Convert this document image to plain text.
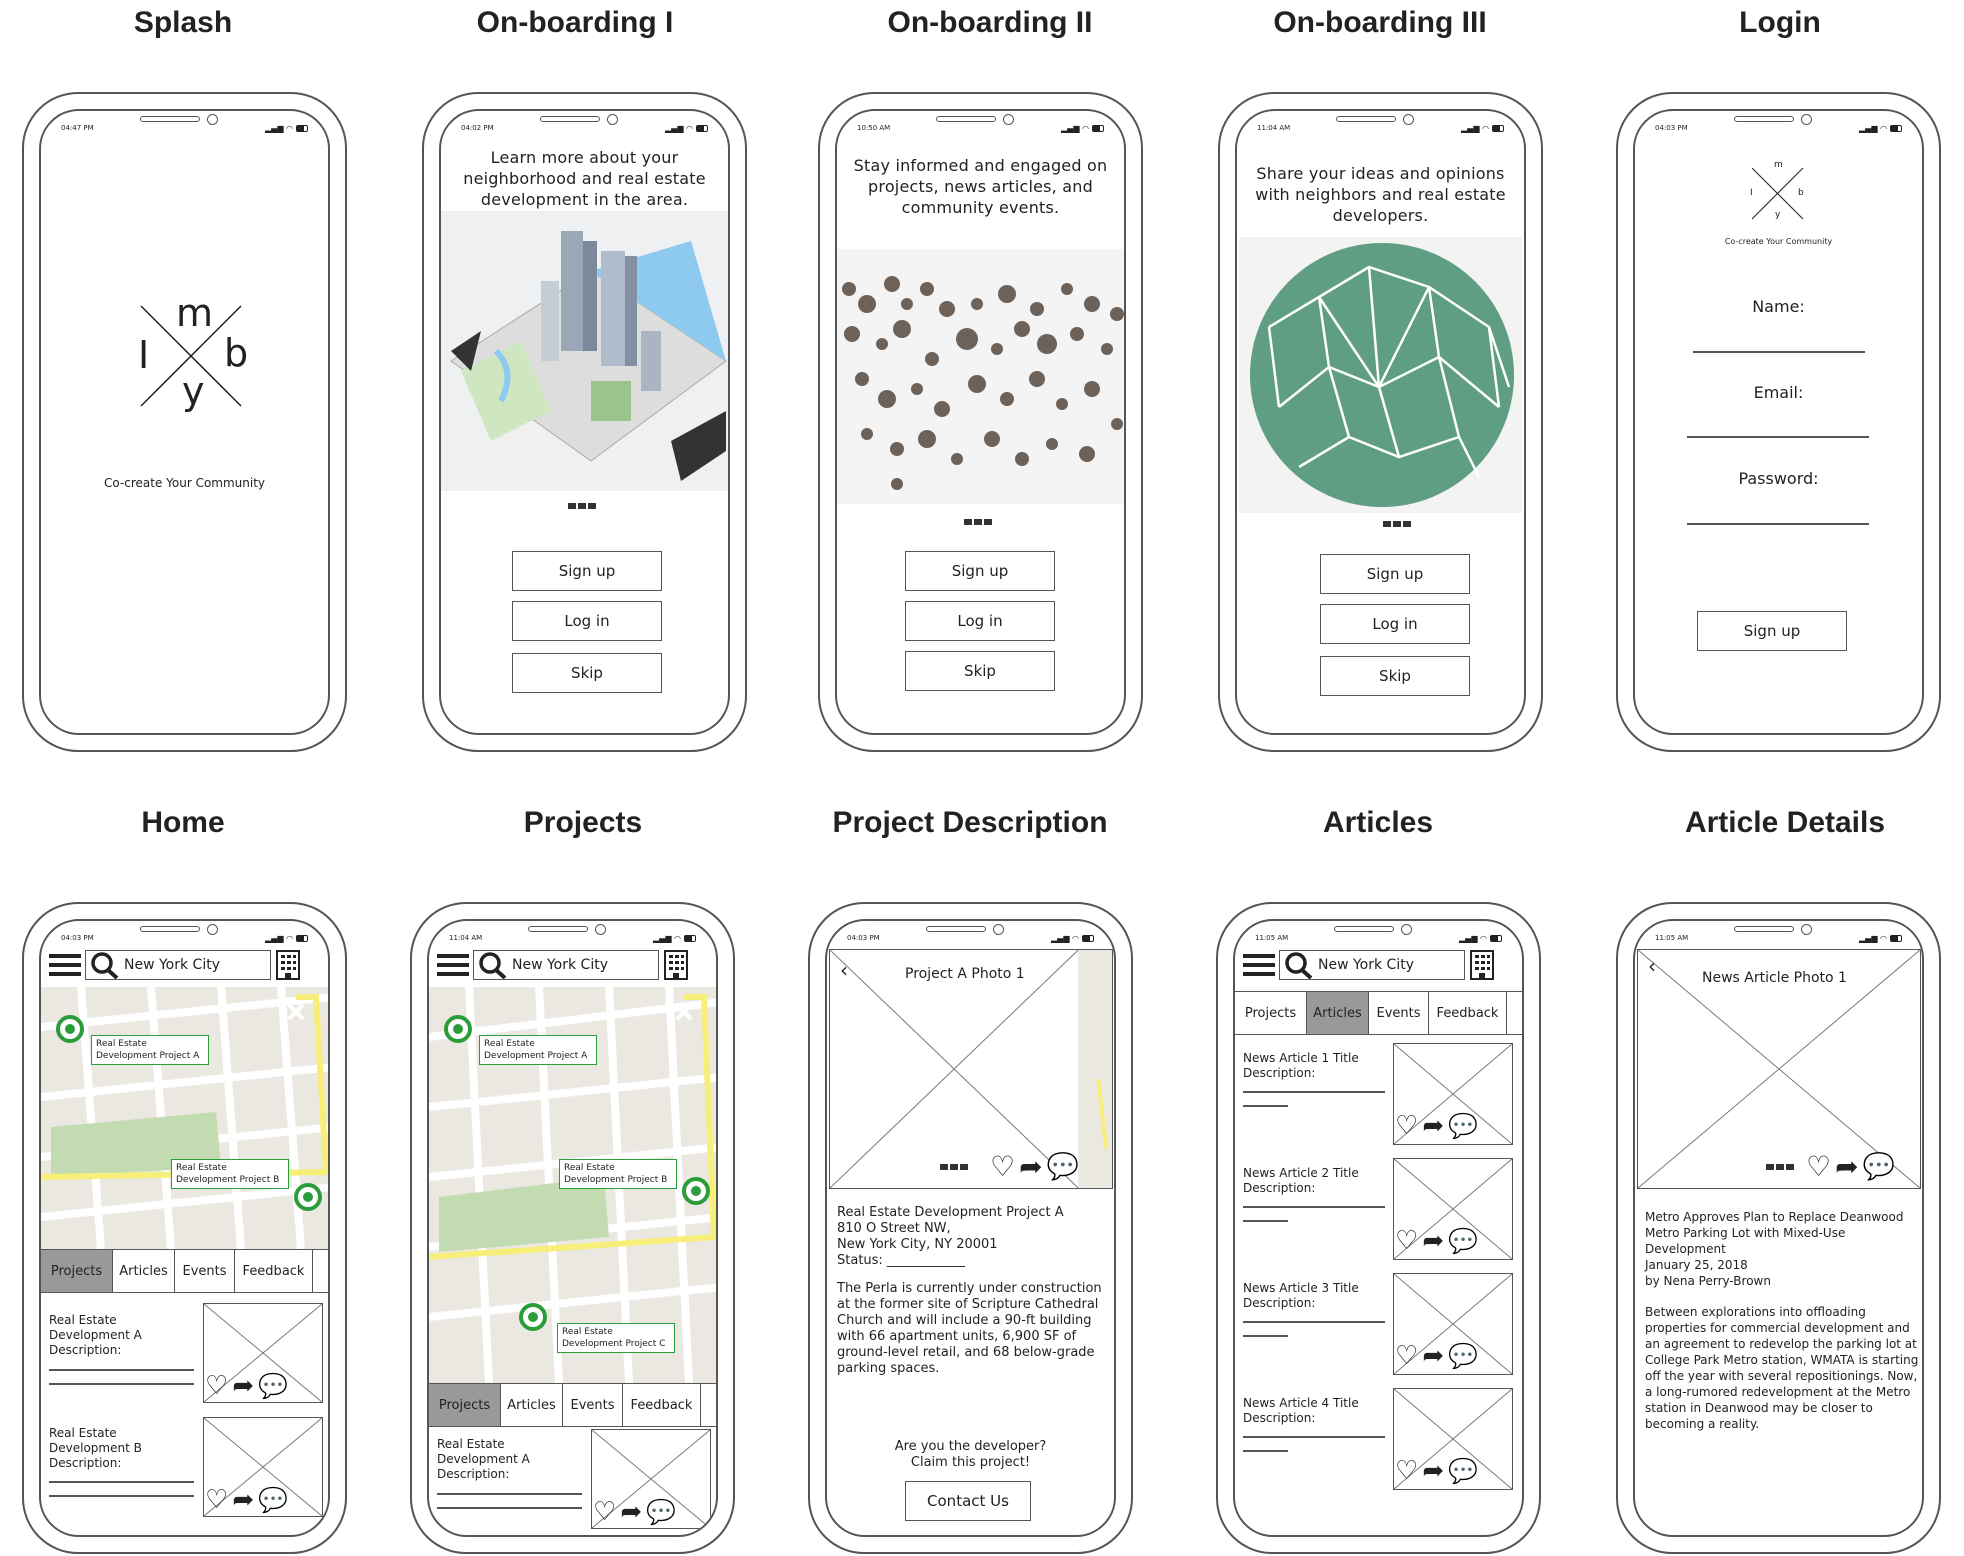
Splash	On-boarding I	On-boarding II	On-boarding III	Login
04:47 PM	▂▄▆ ◠
m
I b
y
Co-create Your Community
04:02 PM	▂▄▆ ◠
Learn more about your neighborhood and real estate development in the area.
Sign up
Log in
Skip
10:50 AM	▂▄▆ ◠
Stay informed and engaged on projects, news articles, and community events.
Sign up
Log in
Skip
11:04 AM	▂▄▆ ◠
Share your ideas and opinions with neighbors and real estate developers.
Sign up
Log in
Skip
04:03 PM	▂▄▆ ◠
m
I	b
y
Co-create Your Community
Name:
Email:
Password:
Sign up
Home	Projects	Project Description	Articles	Article Details
04:03 PM	▂▄▆ ◠
New York City
Real Estate Development Project A
Real Estate Development Project B
Projects	Articles	Events	Feedback
Real Estate
Development A
Description:
♡ ➦ 💬
Real Estate
Development B
Description:
♡ ➦ 💬
11:04 AM	▂▄▆ ◠
New York City
Real Estate Development Project A
Real Estate Development Project B
Real Estate Development Project C
Projects	Articles	Events	Feedback
Real Estate
Development A
Description:
♡ ➦ 💬
04:03 PM	▂▄▆ ◠
‹	Project A Photo 1
♡ ➦ 💬
Real Estate Development Project A
810 O Street NW,
New York City, NY 20001
Status: ____________
The Perla is currently under construction at the former site of Scripture Cathedral Church and will include a 90-ft building with 66 apartment units, 6,900 SF of ground-level retail, and 68 below-grade parking spaces.
Are you the developer?
Claim this project!
Contact Us
11:05 AM	▂▄▆ ◠
New York City
Projects	Articles	Events	Feedback
News Article 1 Title
Description:
♡ ➦ 💬
News Article 2 Title
Description:
♡ ➦ 💬
News Article 3 Title
Description:
♡ ➦ 💬
News Article 4 Title
Description:
♡ ➦ 💬
11:05 AM	▂▄▆ ◠
‹	News Article Photo 1
♡ ➦ 💬
Metro Approves Plan to Replace Deanwood Metro Parking Lot with Mixed-Use Development
January 25, 2018
by Nena Perry-Brown
Between explorations into offloading properties for commercial development and an agreement to redevelop the parking lot at College Park Metro station, WMATA is starting off the year with several repositionings. Now, a long-rumored redevelopment at the Metro station in Deanwood may be closer to becoming a reality.
